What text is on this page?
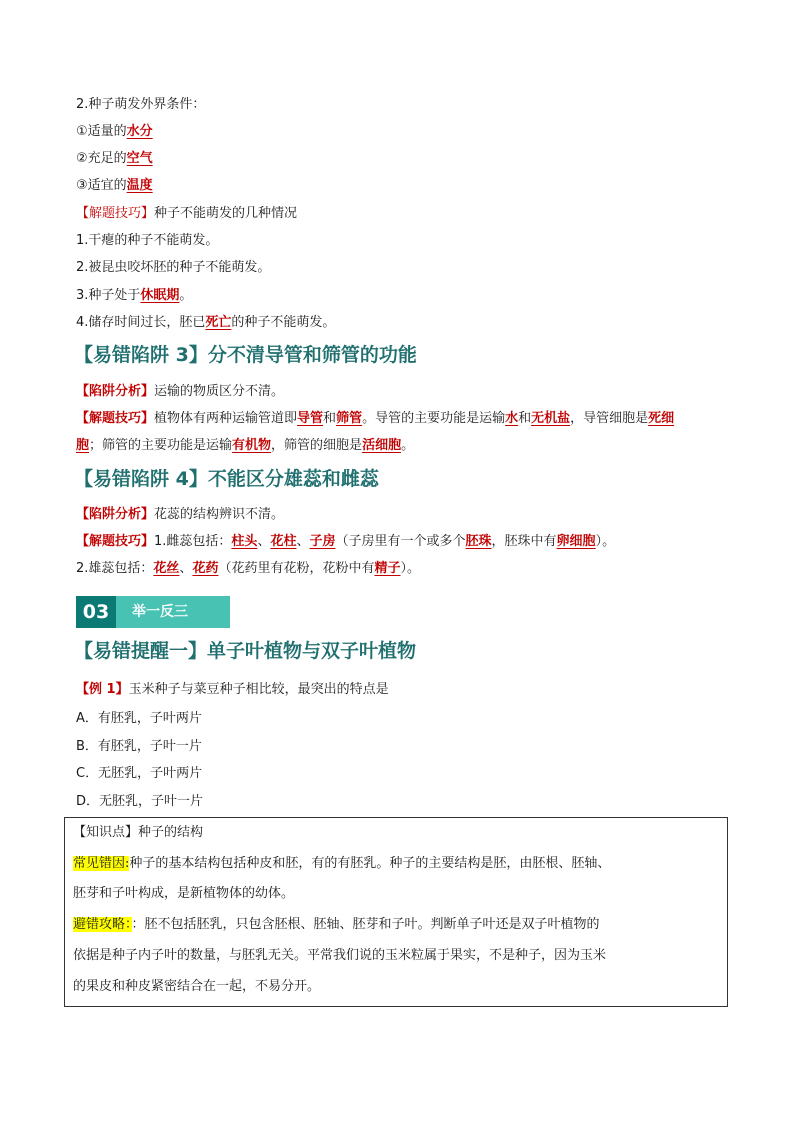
2.种子萌发外界条件：
①适量的水分
②充足的空气
③适宜的温度
【解题技巧】种子不能萌发的几种情况
1.干瘪的种子不能萌发。
2.被昆虫咬坏胚的种子不能萌发。
3.种子处于休眠期。
4.储存时间过长，胚已死亡的种子不能萌发。
【易错陷阱 3】分不清导管和筛管的功能
【陷阱分析】运输的物质区分不清。
【解题技巧】植物体有两种运输管道即导管和筛管。导管的主要功能是运输水和无机盐，导管细胞是死细
胞；筛管的主要功能是运输有机物，筛管的细胞是活细胞。
【易错陷阱 4】不能区分雄蕊和雌蕊
【陷阱分析】花蕊的结构辨识不清。
【解题技巧】1.雌蕊包括：柱头、花柱、子房（子房里有一个或多个胚珠，胚珠中有卵细胞）。
2.雄蕊包括：花丝、花药（花药里有花粉，花粉中有精子）。
03	举一反三
【易错提醒一】单子叶植物与双子叶植物
【例 1】玉米种子与菜豆种子相比较，最突出的特点是
A．有胚乳，子叶两片
B．有胚乳，子叶一片
C．无胚乳，子叶两片
D．无胚乳，子叶一片
【知识点】种子的结构
常见错因:种子的基本结构包括种皮和胚，有的有胚乳。种子的主要结构是胚，由胚根、胚轴、
胚芽和子叶构成，是新植物体的幼体。
避错攻略：：胚不包括胚乳，只包含胚根、胚轴、胚芽和子叶。判断单子叶还是双子叶植物的
依据是种子内子叶的数量，与胚乳无关。平常我们说的玉米粒属于果实，不是种子，因为玉米
的果皮和种皮紧密结合在一起，不易分开。
